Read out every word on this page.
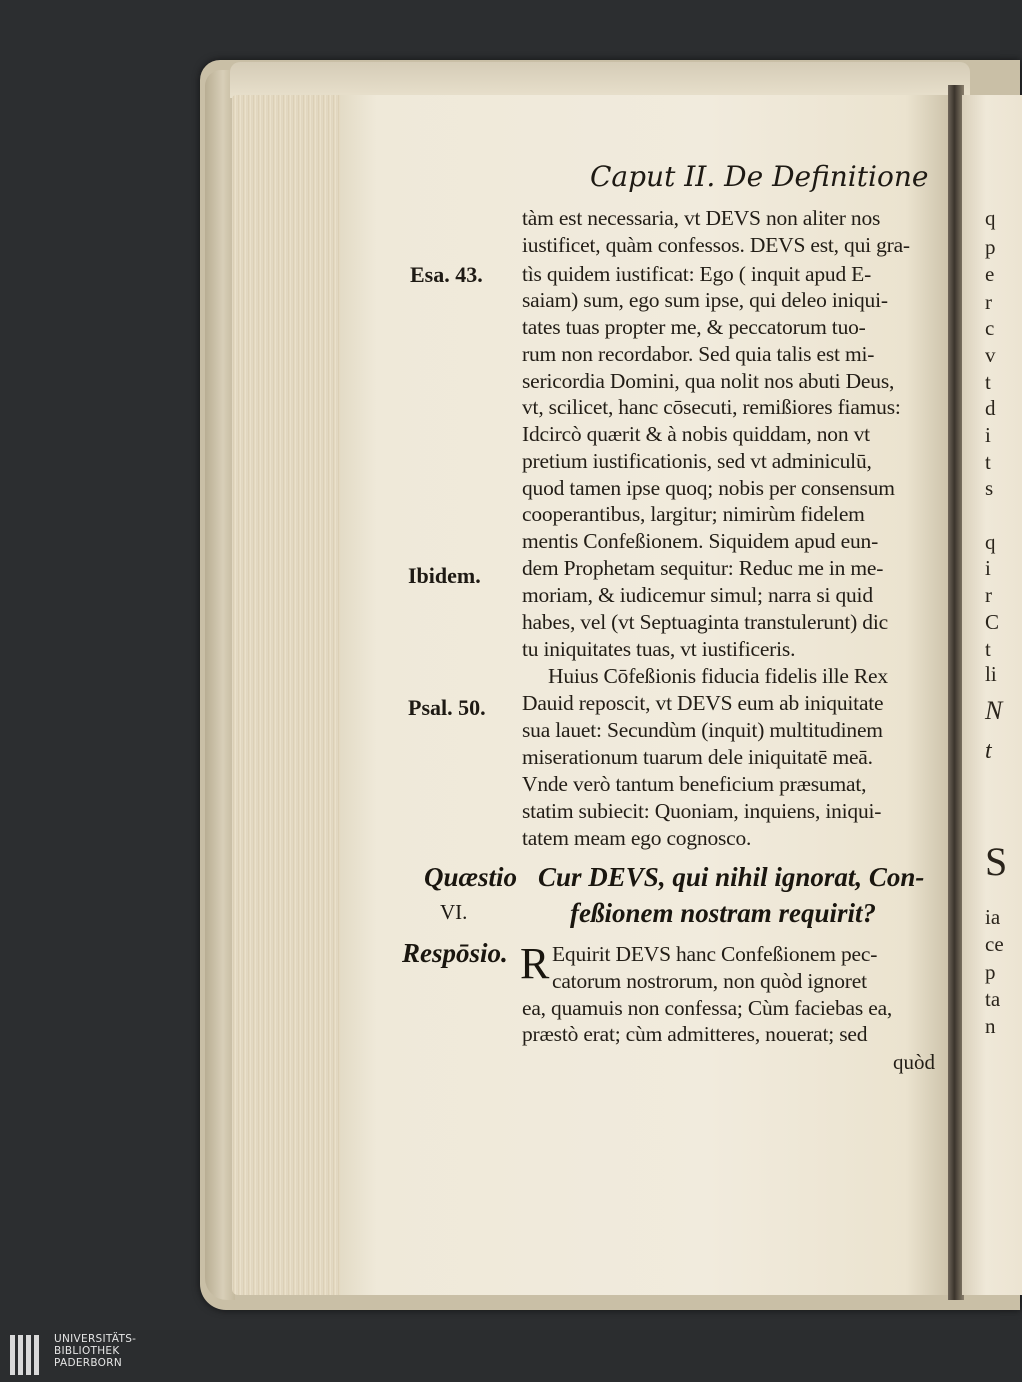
Caput II. De Definitione
Esa. 43.
Ibidem.
Psal. 50.
tàm est necessaria, vt DEVS non aliter nos
iustificet, quàm confessos. DEVS est, qui gra-
tìs quidem iustificat: Ego ( inquit apud E-
saiam) sum, ego sum ipse, qui deleo iniqui-
tates tuas propter me, & peccatorum tuo-
rum non recordabor. Sed quia talis est mi-
sericordia Domini, qua nolit nos abuti Deus,
vt, scilicet, hanc cōsecuti, remißiores fiamus:
Idcircò quærit & à nobis quiddam, non vt
pretium iustificationis, sed vt adminiculū,
quod tamen ipse quoq; nobis per consensum
cooperantibus, largitur; nimirùm fidelem
mentis Confeßionem. Siquidem apud eun-
dem Prophetam sequitur: Reduc me in me-
moriam, & iudicemur simul; narra si quid
habes, vel (vt Septuaginta transtulerunt) dic
tu iniquitates tuas, vt iustificeris.
Huius Cōfeßionis fiducia fidelis ille Rex
Dauid reposcit, vt DEVS eum ab iniquitate
sua lauet: Secundùm (inquit) multitudinem
miserationum tuarum dele iniquitatē meā.
Vnde verò tantum beneficium præsumat,
statim subiecit: Quoniam, inquiens, iniqui-
tatem meam ego cognosco.
Quæstio
VI.
Cur DEVS, qui nihil ignorat, Con-
feßionem nostram requirit?
Respōsio. R Equirit DEVS hanc Confeßionem pec-
catorum nostrorum, non quòd ignoret
ea, quamuis non confessa; Cùm faciebas ea,
præstò erat; cùm admitteres, nouerat; sed
quòd
q
p
e
r
c
v
t
d
i
t
s
q
i
r
C
t
li
N
t
S
ia
ce
p
ta
n
UNIVERSITÄTS-
BIBLIOTHEK
PADERBORN
